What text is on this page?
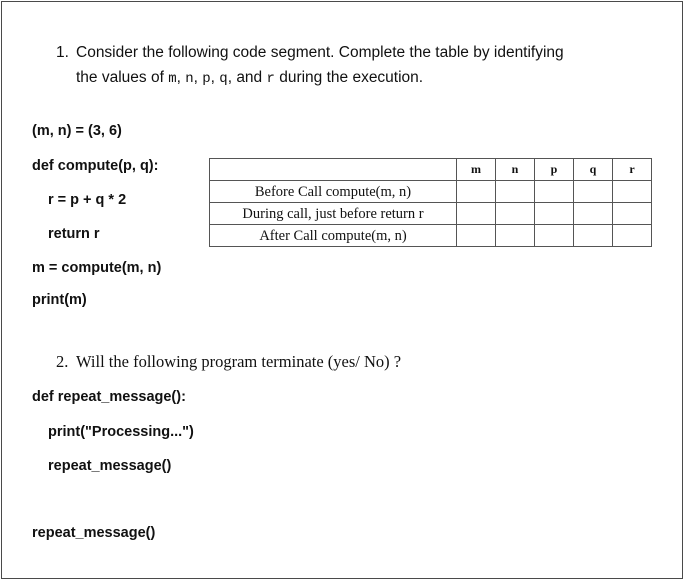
1. Consider the following code segment. Complete the table by identifying
the values of m, n, p, q, and r during the execution.
(m, n) = (3, 6)
def compute(p, q):
r = p + q * 2
return r
m = compute(m, n)
print(m)
	m	n	p	q	r
Before Call compute(m, n)					
During call, just before return r					
After Call compute(m, n)					
2. Will the following program terminate (yes/ No) ?
def repeat_message():
print("Processing...")
repeat_message()
repeat_message()
